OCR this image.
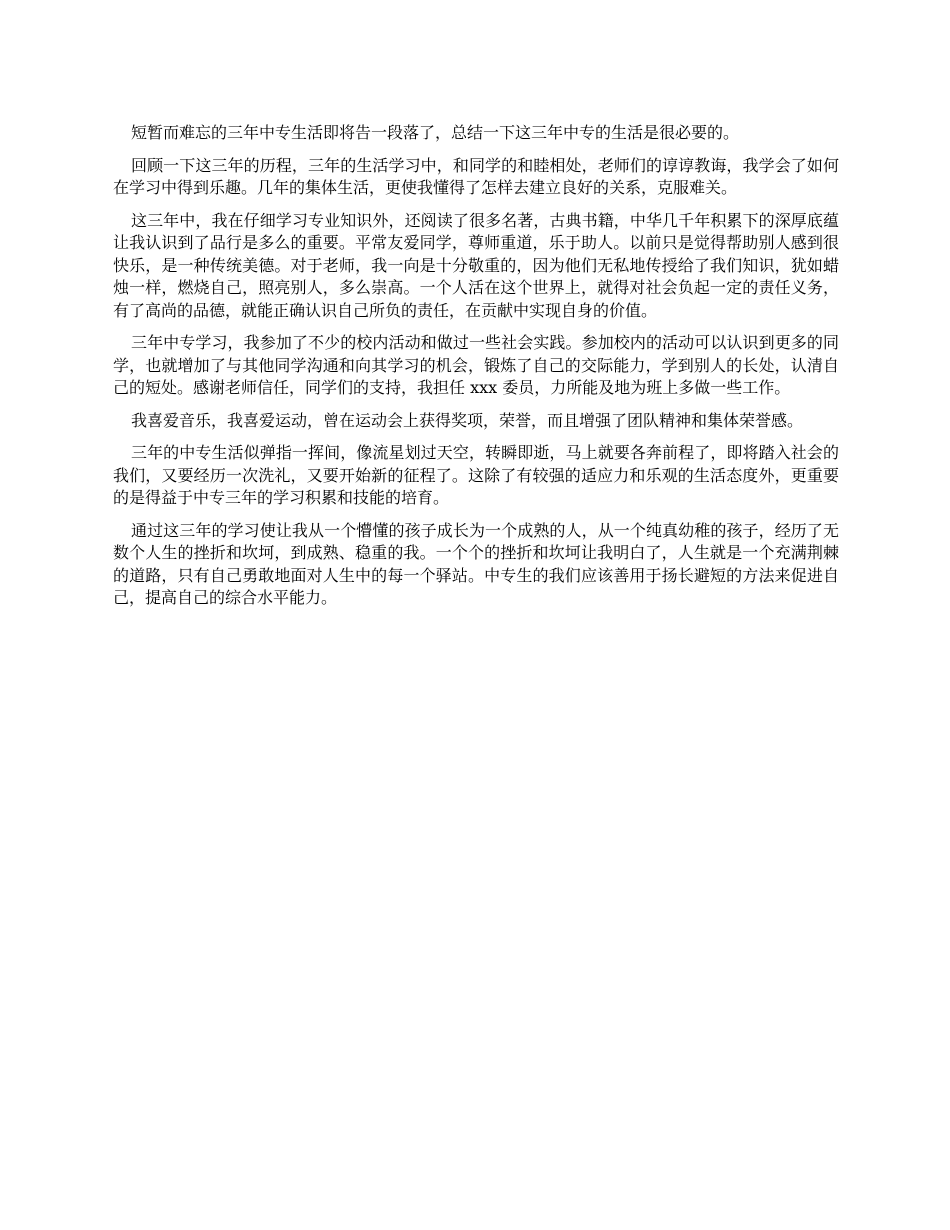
短暂而难忘的三年中专生活即将告一段落了，总结一下这三年中专的生活是很必要的。

回顾一下这三年的历程，三年的生活学习中，和同学的和睦相处，老师们的谆谆教诲，我学会了如何在学习中得到乐趣。几年的集体生活，更使我懂得了怎样去建立良好的关系，克服难关。

这三年中，我在仔细学习专业知识外，还阅读了很多名著，古典书籍，中华几千年积累下的深厚底蕴让我认识到了品行是多么的重要。平常友爱同学，尊师重道，乐于助人。以前只是觉得帮助别人感到很快乐，是一种传统美德。对于老师，我一向是十分敬重的，因为他们无私地传授给了我们知识，犹如蜡烛一样，燃烧自己，照亮别人，多么崇高。一个人活在这个世界上，就得对社会负起一定的责任义务，有了高尚的品德，就能正确认识自己所负的责任，在贡献中实现自身的价值。

三年中专学习，我参加了不少的校内活动和做过一些社会实践。参加校内的活动可以认识到更多的同学，也就增加了与其他同学沟通和向其学习的机会，锻炼了自己的交际能力，学到别人的长处，认清自己的短处。感谢老师信任，同学们的支持，我担任 xxx 委员，力所能及地为班上多做一些工作。

我喜爱音乐，我喜爱运动，曾在运动会上获得奖项，荣誉，而且增强了团队精神和集体荣誉感。

三年的中专生活似弹指一挥间，像流星划过天空，转瞬即逝，马上就要各奔前程了，即将踏入社会的我们，又要经历一次洗礼，又要开始新的征程了。这除了有较强的适应力和乐观的生活态度外，更重要的是得益于中专三年的学习积累和技能的培育。

通过这三年的学习使让我从一个懵懂的孩子成长为一个成熟的人，从一个纯真幼稚的孩子，经历了无数个人生的挫折和坎坷，到成熟、稳重的我。一个个的挫折和坎坷让我明白了，人生就是一个充满荆棘的道路，只有自己勇敢地面对人生中的每一个驿站。中专生的我们应该善用于扬长避短的方法来促进自己，提高自己的综合水平能力。
